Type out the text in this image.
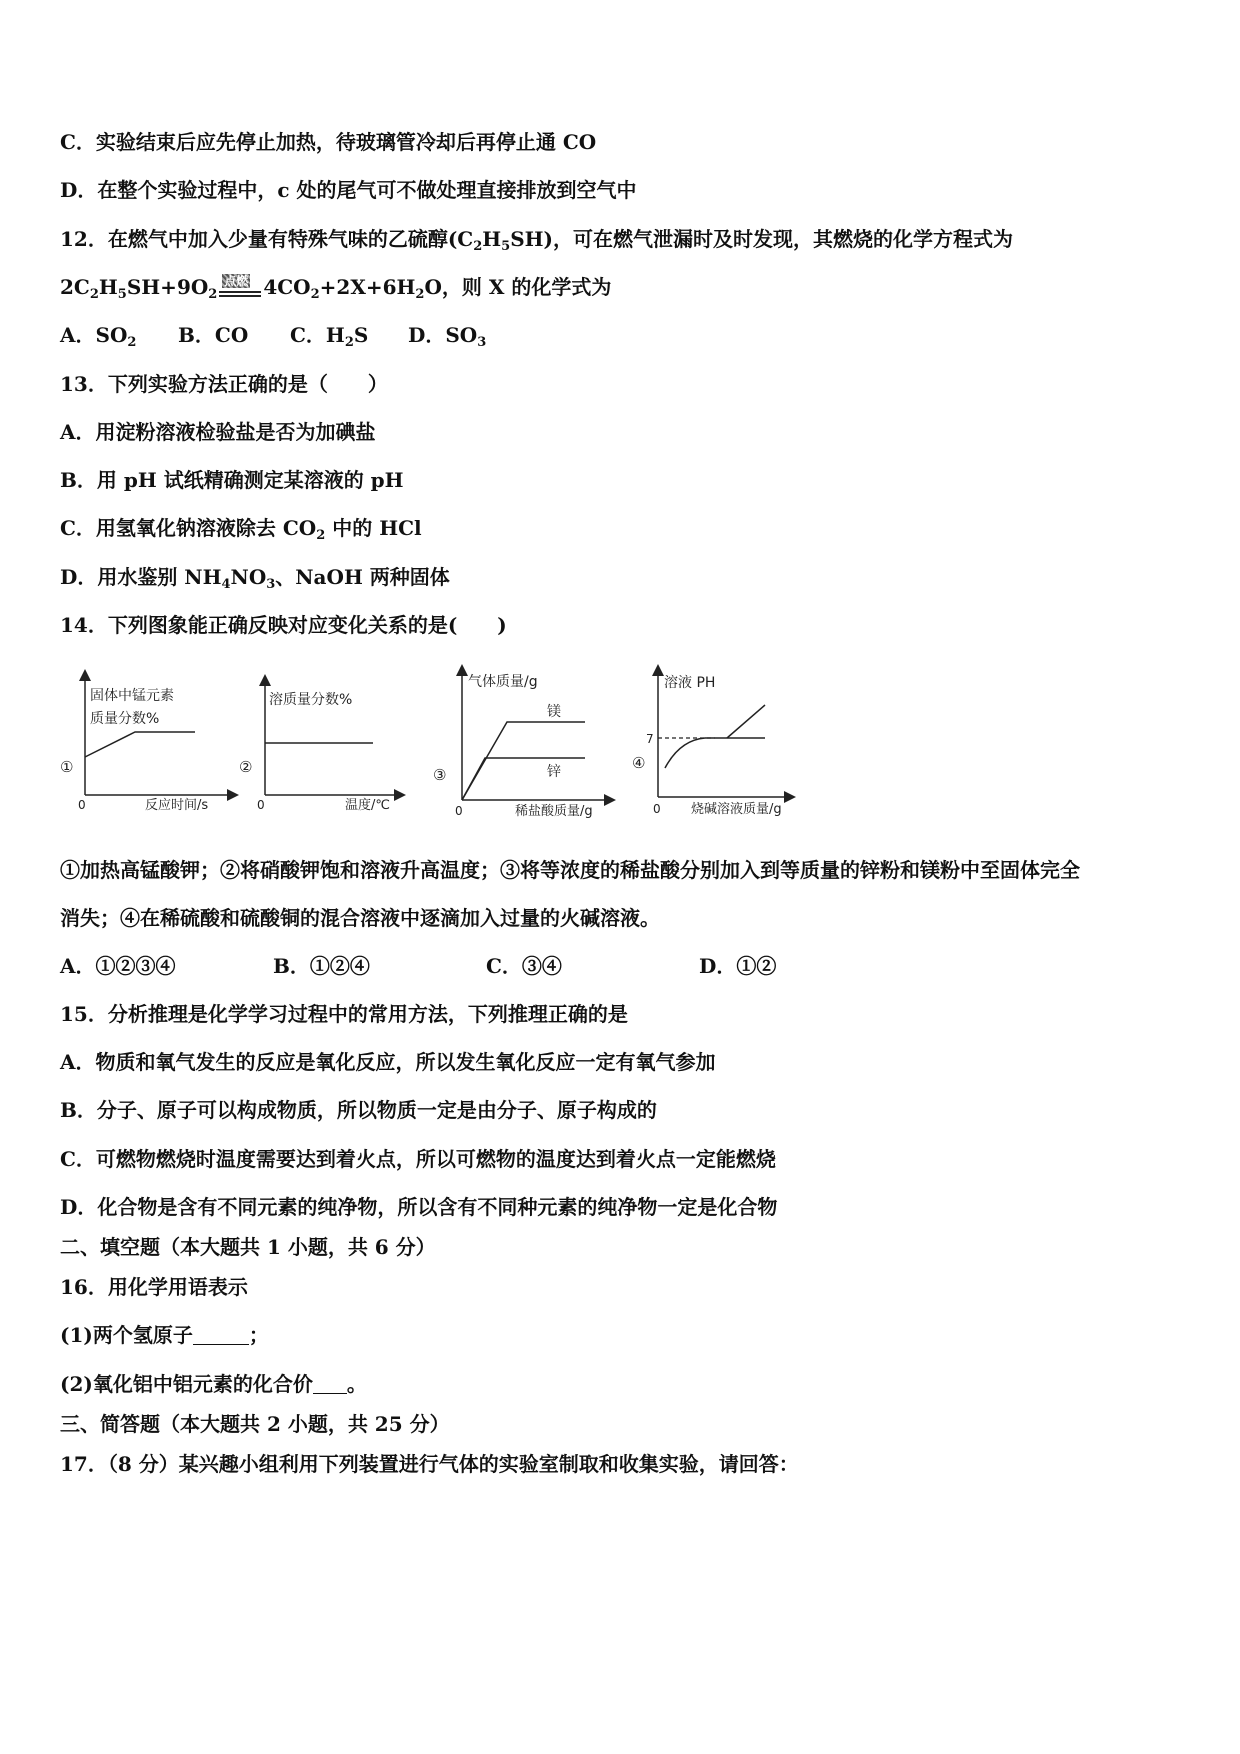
C．实验结束后应先停止加热，待玻璃管冷却后再停止通 CO
D．在整个实验过程中，c 处的尾气可不做处理直接排放到空气中
12．在燃气中加入少量有特殊气味的乙硫醇$(C_2H_5SH)$，可在燃气泄漏时及时发现，其燃烧的化学方程式为
$2C_2H_5SH+9O_2$
点燃 $4CO_2+2X+6H_2O$，则 X 的化学式为
A．$SO_2$ B．CO C．$H_2S$ D．$SO_3$
13．下列实验方法正确的是（　　）
A．用淀粉溶液检验盐是否为加碘盐
B．用 pH 试纸精确测定某溶液的 pH
C．用氢氧化钠溶液除去 $CO_2$ 中的 HCl
D．用水鉴别 $NH_4NO_3$、NaOH 两种固体
14．下列图象能正确反映对应变化关系的是(　　)
固体中锰元素
质量分数%
①
0	反应时间/s
溶质量分数%
②
0	温度/℃
气体质量/g
镁
锌
③
0	稀盐酸质量/g
溶液 PH
7
④
0 烧碱溶液质量/g
①加热高锰酸钾；②将硝酸钾饱和溶液升高温度；③将等浓度的稀盐酸分别加入到等质量的锌粉和镁粉中至固体完全
消失；④在稀硫酸和硫酸铜的混合溶液中逐滴加入过量的火碱溶液。
A．①②③④	B．①②④	C．③④	D．①②
15．分析推理是化学学习过程中的常用方法，下列推理正确的是
A．物质和氧气发生的反应是氧化反应，所以发生氧化反应一定有氧气参加
B．分子、原子可以构成物质，所以物质一定是由分子、原子构成的
C．可燃物燃烧时温度需要达到着火点，所以可燃物的温度达到着火点一定能燃烧
D．化合物是含有不同元素的纯净物，所以含有不同种元素的纯净物一定是化合物
二、填空题（本大题共 1 小题，共 6 分）
16．用化学用语表示
(1)两个氢原子	；
(2)氧化铝中铝元素的化合价 。
三、简答题（本大题共 2 小题，共 25 分）
17．（8 分）某兴趣小组利用下列装置进行气体的实验室制取和收集实验，请回答：
